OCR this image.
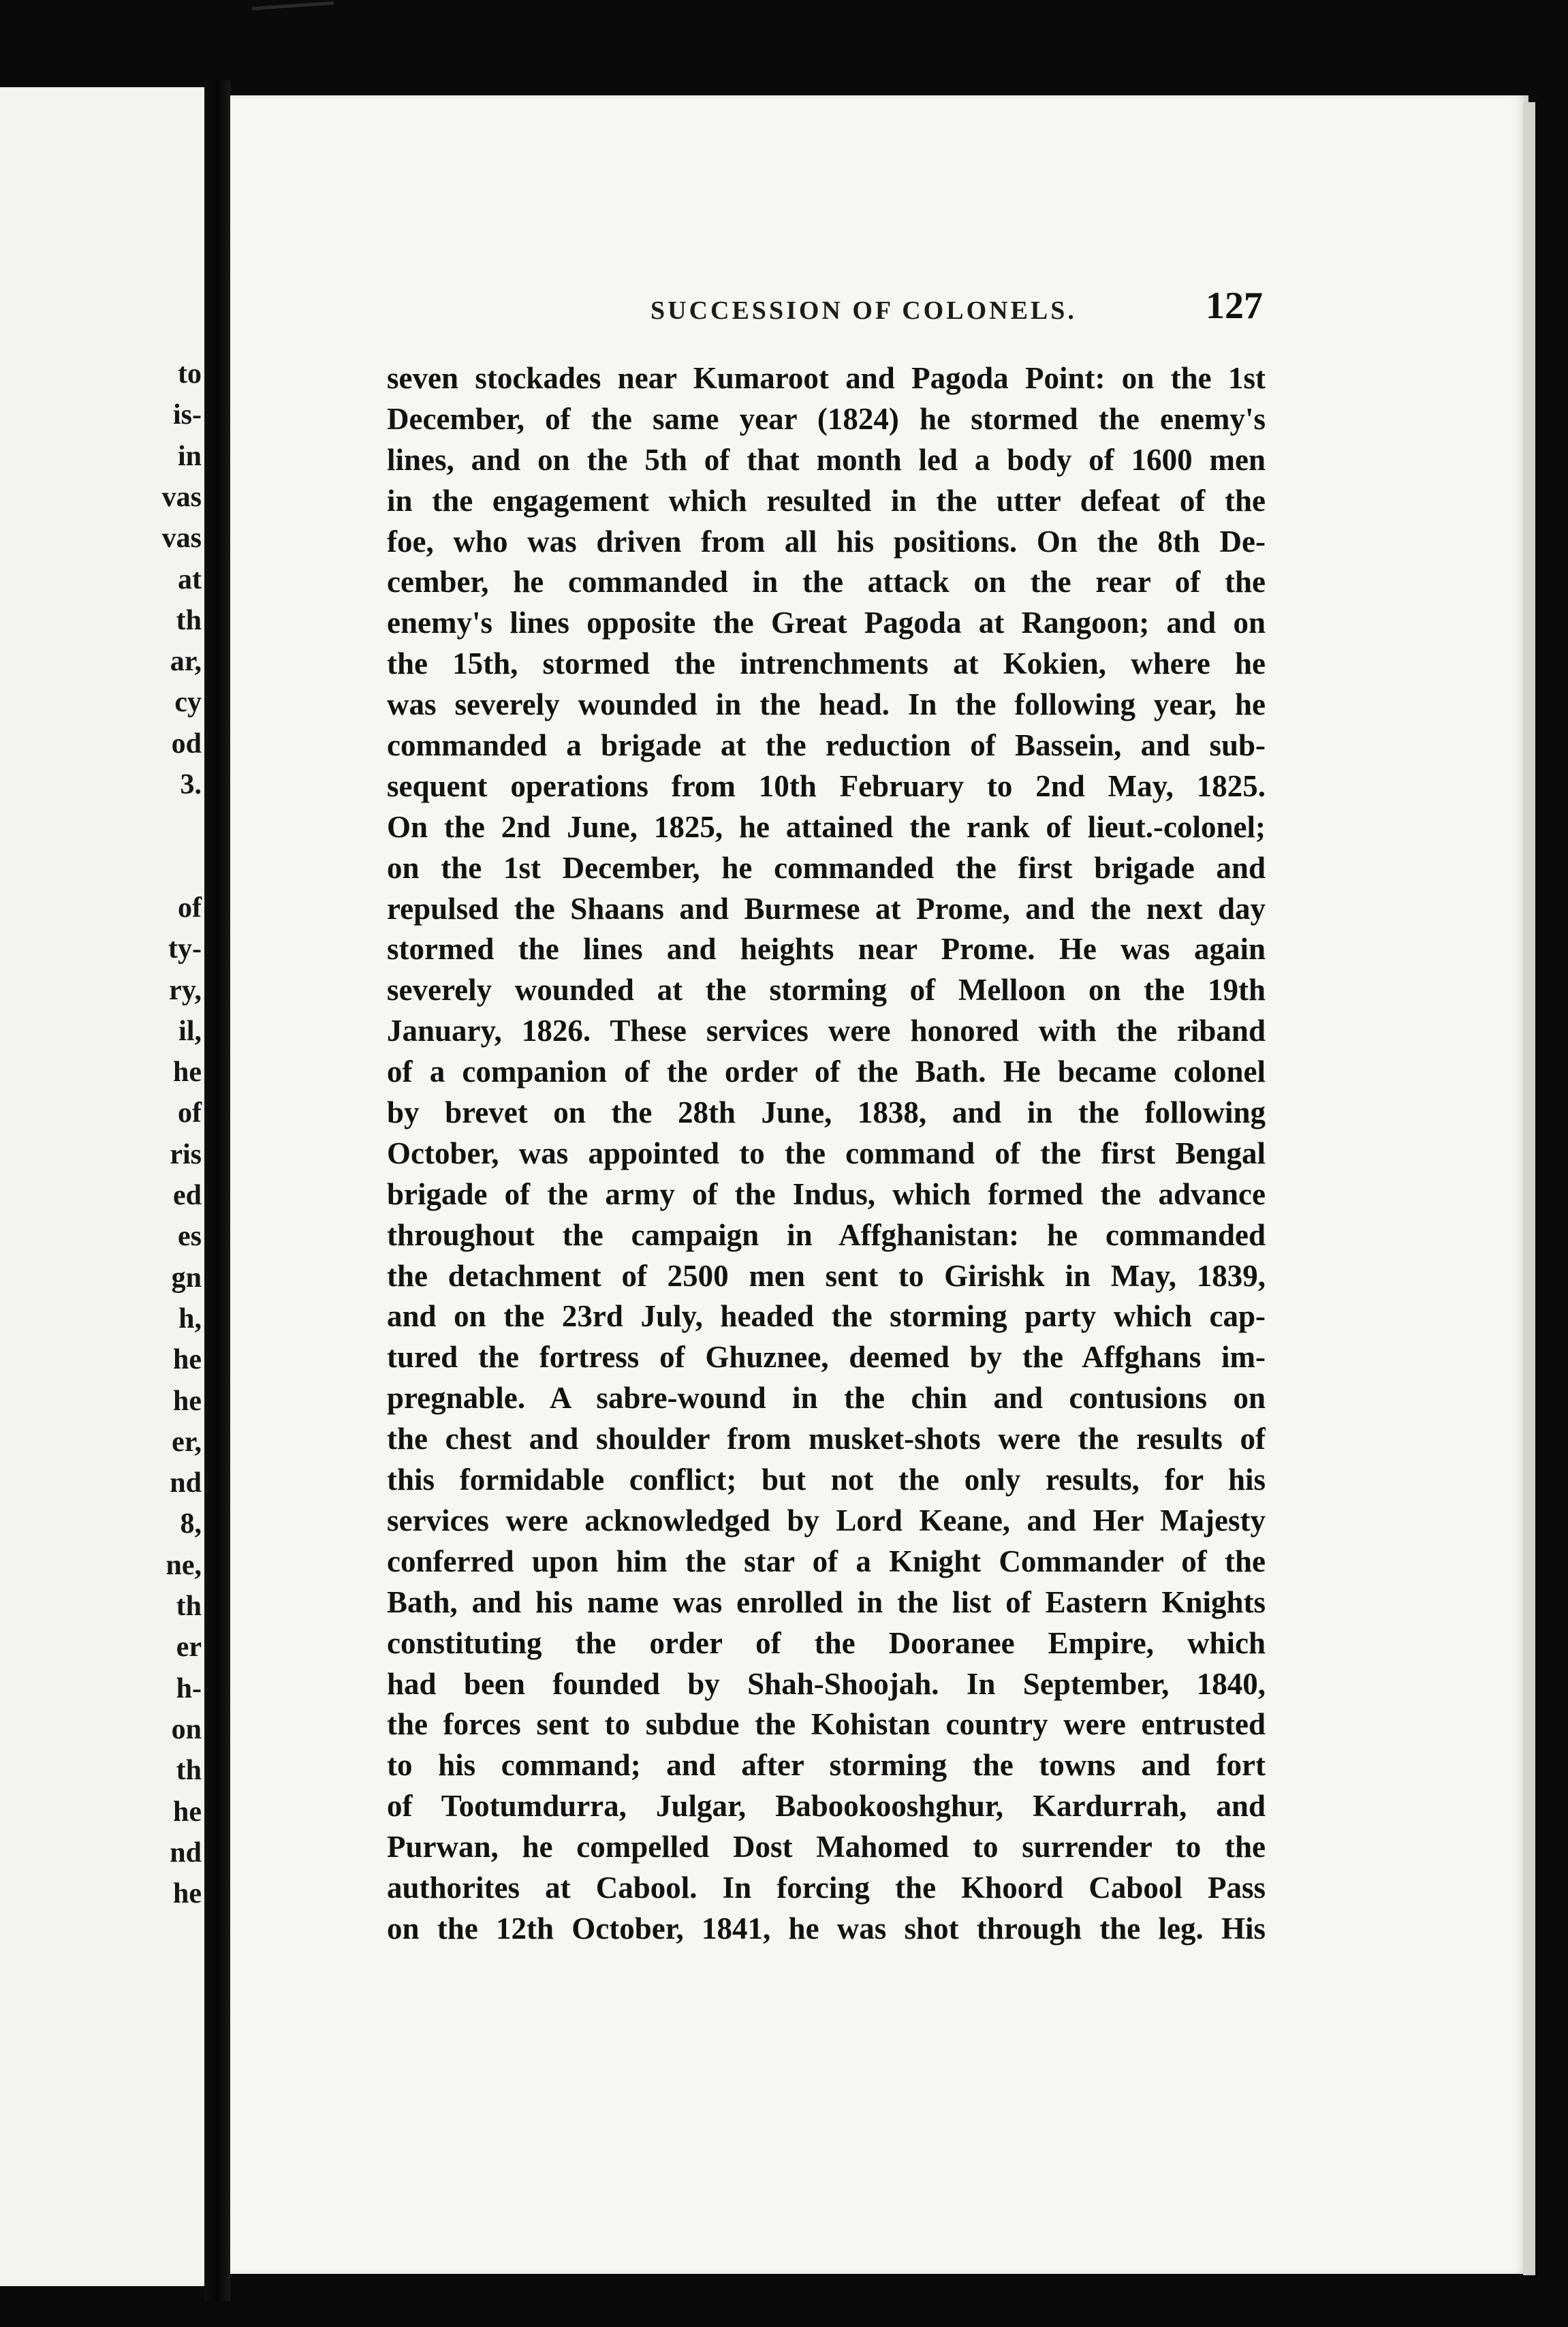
to
is-
in
vas
vas
at
th
ar,
cy
od
3.
of
ty-
ry,
il,
he
of
ris
ed
es
gn
h,
he
he
er,
nd
8,
ne,
th
er
h-
on
th
he
nd
he
SUCCESSION OF COLONELS.	127
seven stockades near Kumaroot and Pagoda Point: on the 1st
December, of the same year (1824) he stormed the enemy's
lines, and on the 5th of that month led a body of 1600 men
in the engagement which resulted in the utter defeat of the
foe, who was driven from all his positions. On the 8th De-
cember, he commanded in the attack on the rear of the
enemy's lines opposite the Great Pagoda at Rangoon; and on
the 15th, stormed the intrenchments at Kokien, where he
was severely wounded in the head. In the following year, he
commanded a brigade at the reduction of Bassein, and sub-
sequent operations from 10th February to 2nd May, 1825.
On the 2nd June, 1825, he attained the rank of lieut.-colonel;
on the 1st December, he commanded the first brigade and
repulsed the Shaans and Burmese at Prome, and the next day
stormed the lines and heights near Prome. He was again
severely wounded at the storming of Melloon on the 19th
January, 1826. These services were honored with the riband
of a companion of the order of the Bath. He became colonel
by brevet on the 28th June, 1838, and in the following
October, was appointed to the command of the first Bengal
brigade of the army of the Indus, which formed the advance
throughout the campaign in Affghanistan: he commanded
the detachment of 2500 men sent to Girishk in May, 1839,
and on the 23rd July, headed the storming party which cap-
tured the fortress of Ghuznee, deemed by the Affghans im-
pregnable. A sabre-wound in the chin and contusions on
the chest and shoulder from musket-shots were the results of
this formidable conflict; but not the only results, for his
services were acknowledged by Lord Keane, and Her Majesty
conferred upon him the star of a Knight Commander of the
Bath, and his name was enrolled in the list of Eastern Knights
constituting the order of the Dooranee Empire, which
had been founded by Shah-Shoojah. In September, 1840,
the forces sent to subdue the Kohistan country were entrusted
to his command; and after storming the towns and fort
of Tootumdurra, Julgar, Babookooshghur, Kardurrah, and
Purwan, he compelled Dost Mahomed to surrender to the
authorites at Cabool. In forcing the Khoord Cabool Pass
on the 12th October, 1841, he was shot through the leg. His
